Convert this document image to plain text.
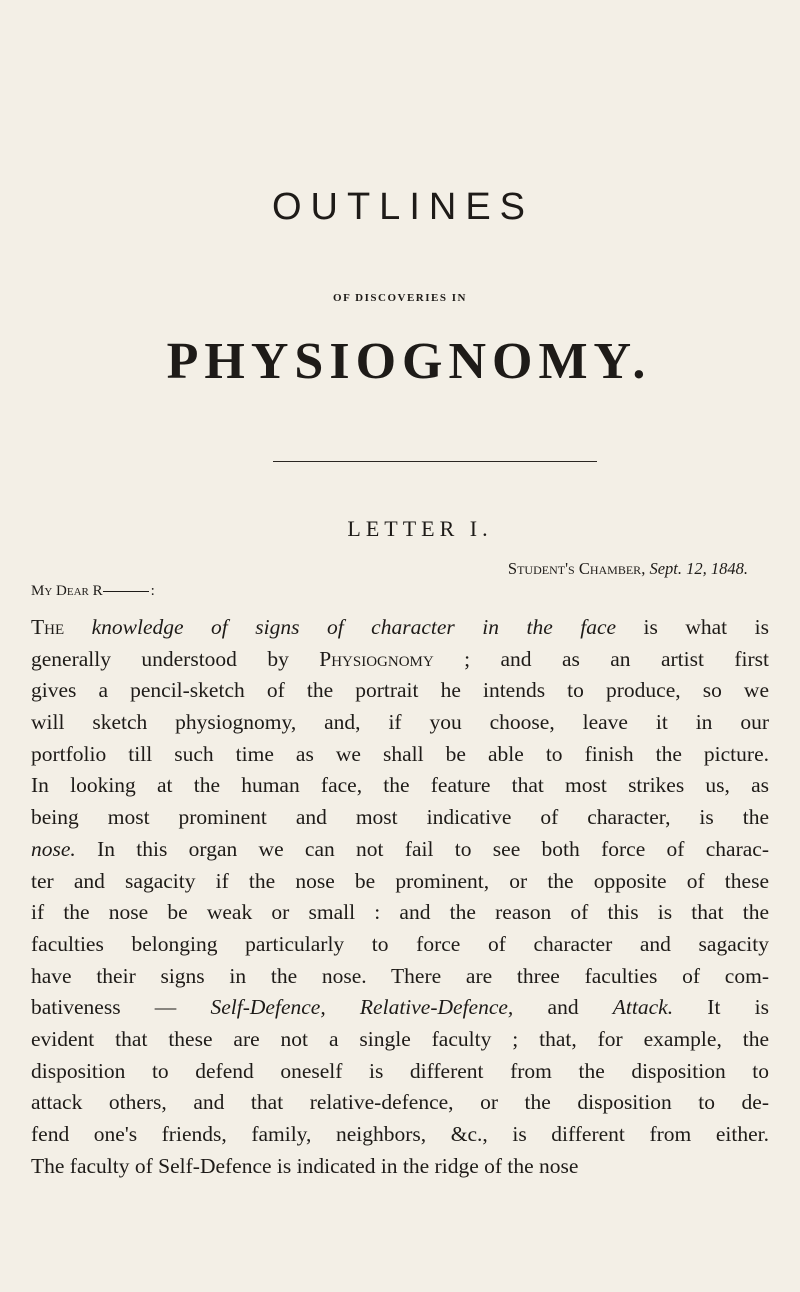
OUTLINES
OF DISCOVERIES IN
PHYSIOGNOMY.
LETTER I.
Student's Chamber, Sept. 12, 1848.
My Dear R	:
The knowledge of signs of character in the face is what is
generally understood by Physiognomy ; and as an artist first
gives a pencil-sketch of the portrait he intends to produce, so we
will sketch physiognomy, and, if you choose, leave it in our
portfolio till such time as we shall be able to finish the picture.
In looking at the human face, the feature that most strikes us, as
being most prominent and most indicative of character, is the
nose. In this organ we can not fail to see both force of charac-
ter and sagacity if the nose be prominent, or the opposite of these
if the nose be weak or small : and the reason of this is that the
faculties belonging particularly to force of character and sagacity
have their signs in the nose. There are three faculties of com-
bativeness — Self-Defence, Relative-Defence, and Attack. It is
evident that these are not a single faculty ; that, for example, the
disposition to defend oneself is different from the disposition to
attack others, and that relative-defence, or the disposition to de-
fend one's friends, family, neighbors, &c., is different from either.
The faculty of Self-Defence is indicated in the ridge of the nose
